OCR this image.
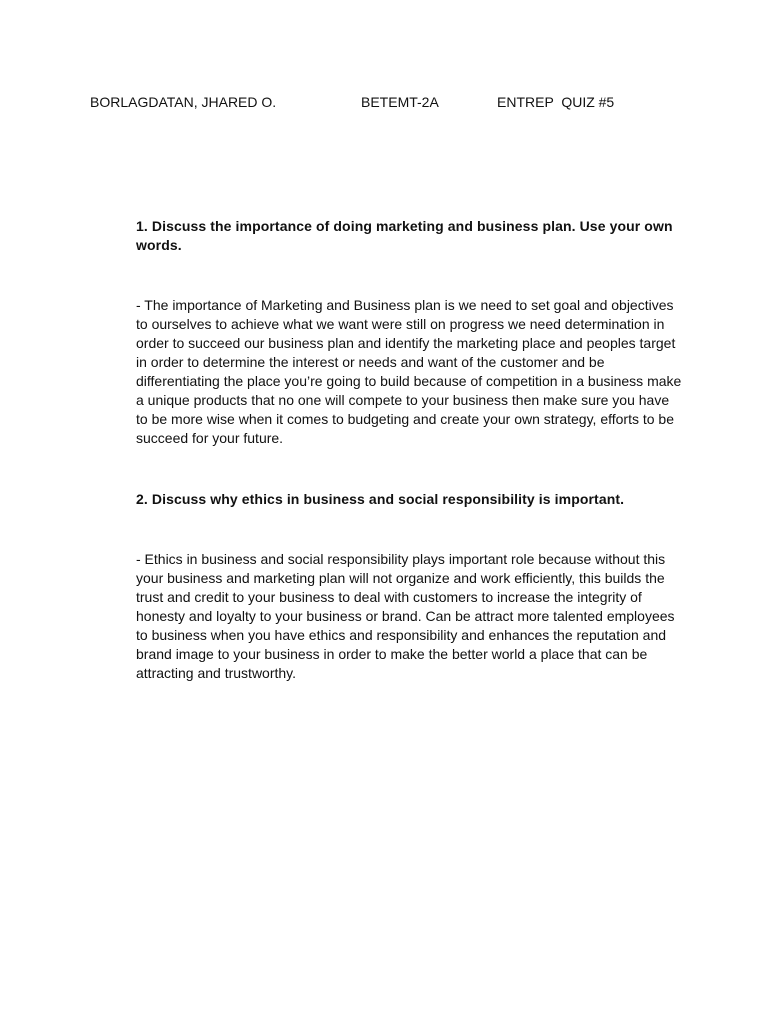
BORLAGDATAN, JHARED O.	BETEMT-2A	ENTREP  QUIZ #5

1. Discuss the importance of doing marketing and business plan. Use your own words.

- The importance of Marketing and Business plan is we need to set goal and objectives to ourselves to achieve what we want were still on progress we need determination in order to succeed our business plan and identify the marketing place and peoples target in order to determine the interest or needs and want of the customer and be differentiating the place you’re going to build because of competition in a business make a unique products that no one will compete to your business then make sure you have to be more wise when it comes to budgeting and create your own strategy, efforts to be succeed for your future.

2. Discuss why ethics in business and social responsibility is important.

- Ethics in business and social responsibility plays important role because without this your business and marketing plan will not organize and work efficiently, this builds the trust and credit to your business to deal with customers to increase the integrity of honesty and loyalty to your business or brand. Can be attract more talented employees to business when you have ethics and responsibility and enhances the reputation and brand image to your business in order to make the better world a place that can be attracting and trustworthy.
